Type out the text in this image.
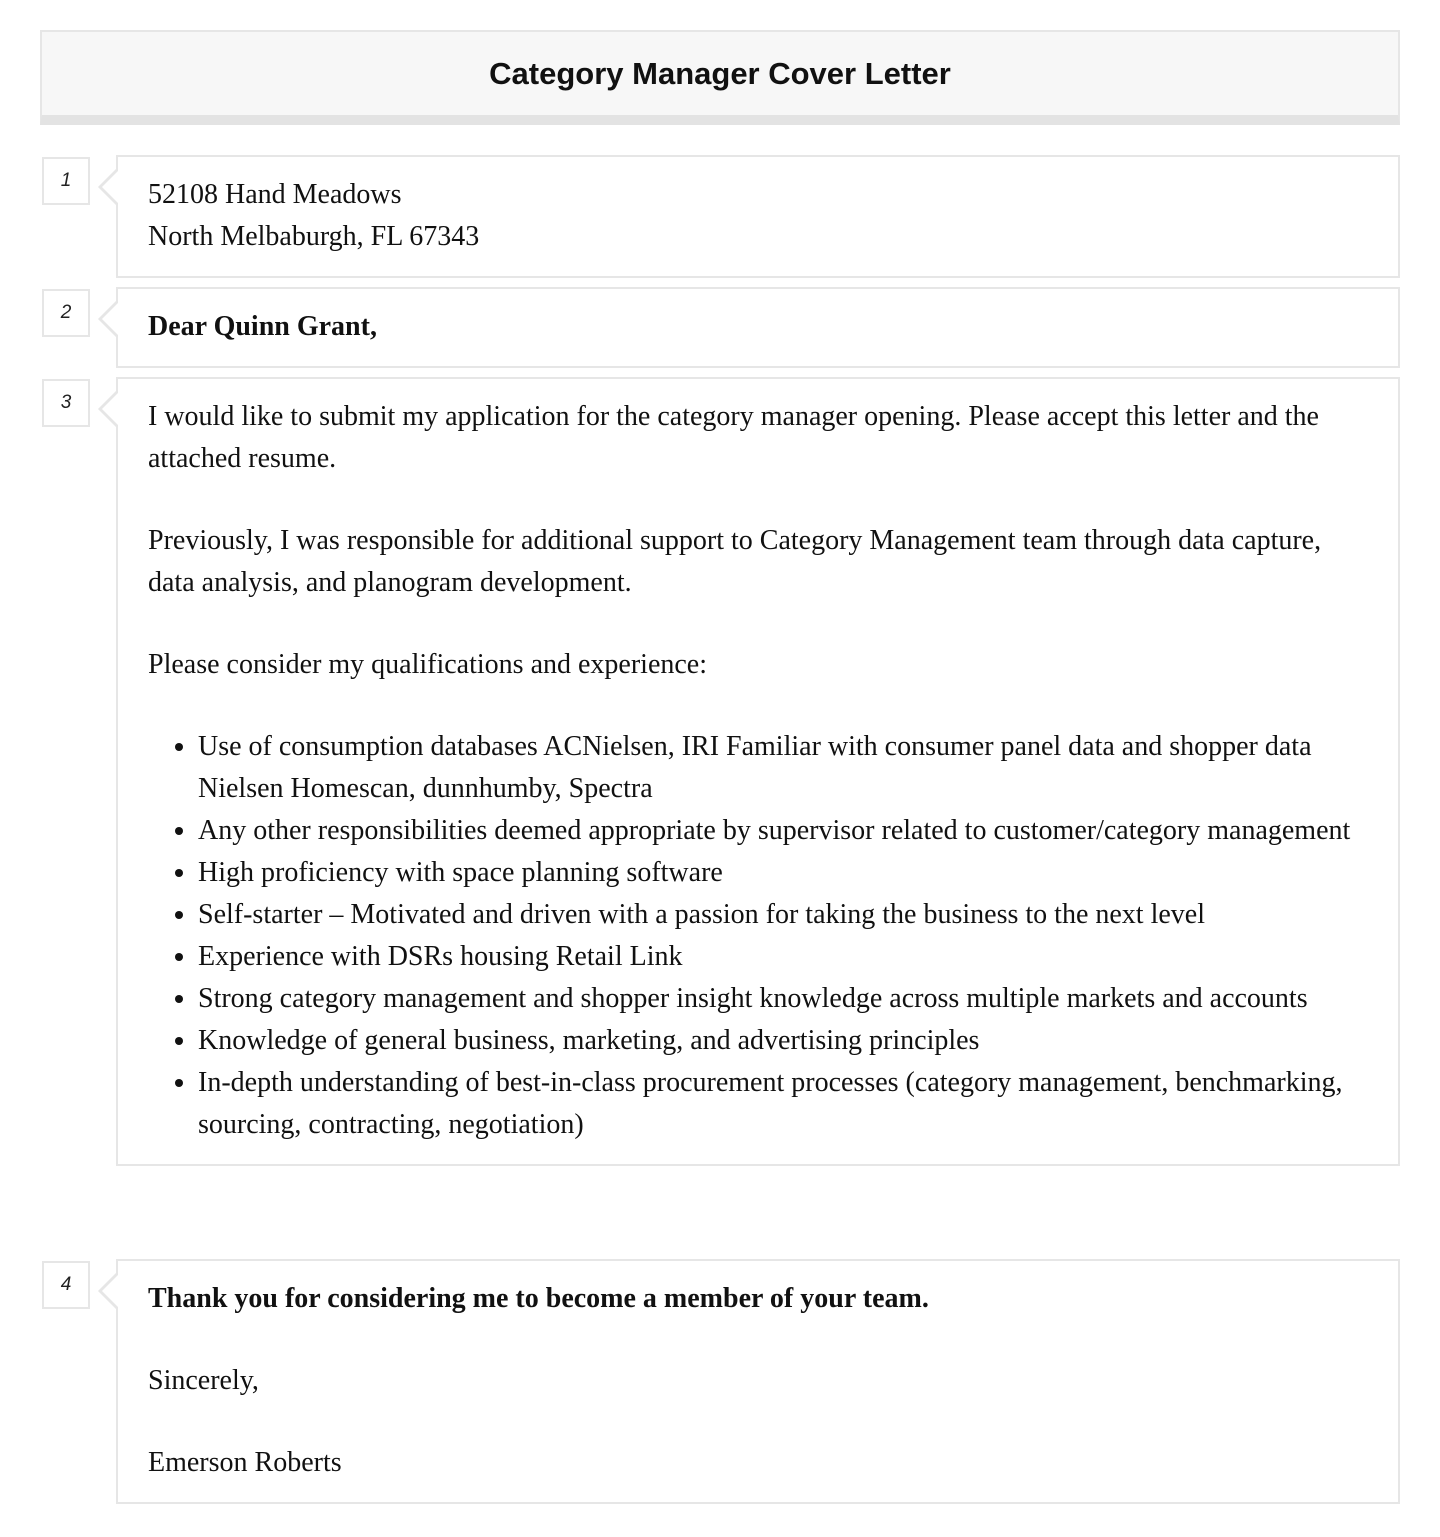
Category Manager Cover Letter
1	52108 Hand Meadows

North Melbaburgh, FL 67343

2	Dear Quinn Grant,

3	I would like to submit my application for the category manager opening. Please accept this letter and the attached resume.

Previously, I was responsible for additional support to Category Management team through data capture, data analysis, and planogram development.

Please consider my qualifications and experience:

• Use of consumption databases ACNielsen, IRI Familiar with consumer panel data and shopper data Nielsen Homescan, dunnhumby, Spectra
• Any other responsibilities deemed appropriate by supervisor related to customer/category management
• High proficiency with space planning software
• Self-starter – Motivated and driven with a passion for taking the business to the next level
• Experience with DSRs housing Retail Link
• Strong category management and shopper insight knowledge across multiple markets and accounts
• Knowledge of general business, marketing, and advertising principles
• In-depth understanding of best-in-class procurement processes (category management, benchmarking, sourcing, contracting, negotiation)
4	Thank you for considering me to become a member of your team.

Sincerely,

Emerson Roberts
